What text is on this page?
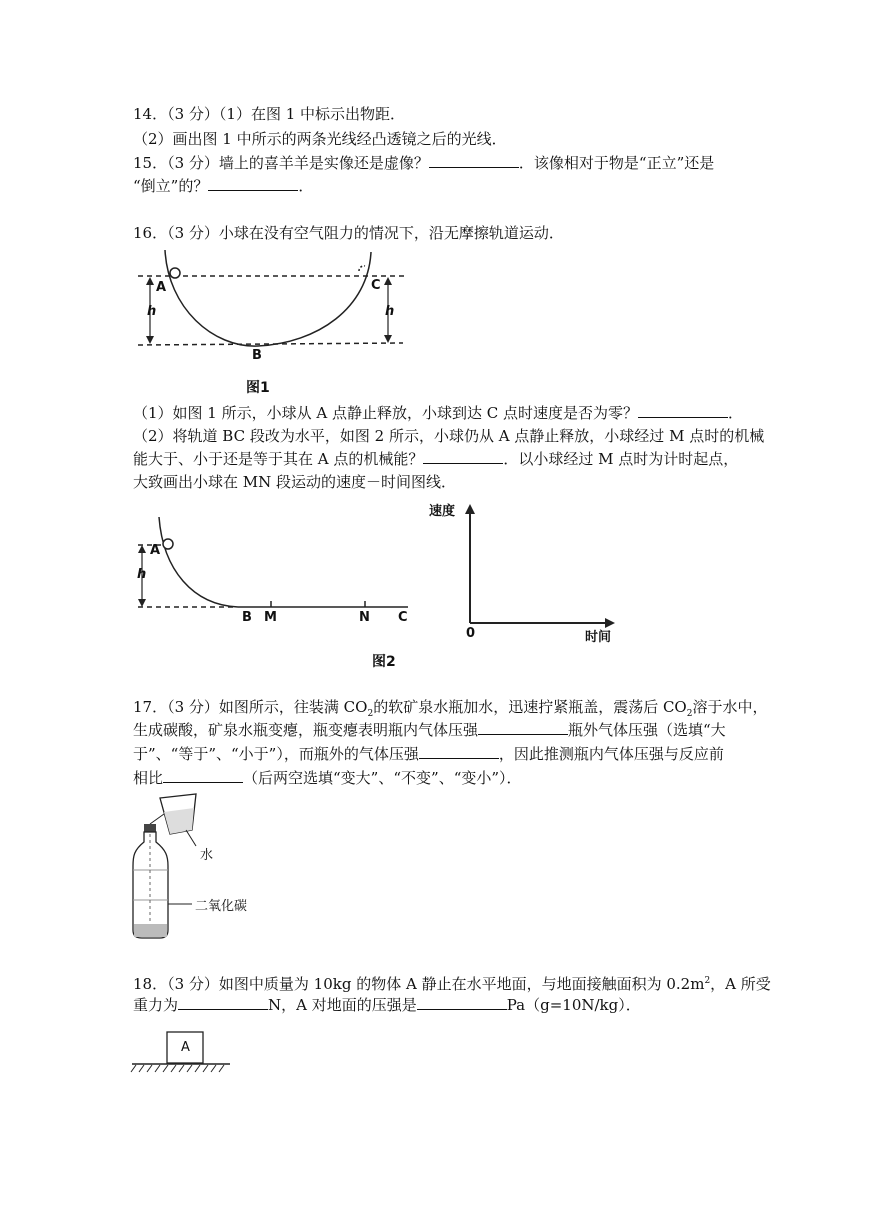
14．（3 分）（1）在图 1 中标示出物距．
（2）画出图 1 中所示的两条光线经凸透镜之后的光线．
15．（3 分）墙上的喜羊羊是实像还是虚像？	．该像相对于物是“正立”还是
“倒立”的？	．
16．（3 分）小球在没有空气阻力的情况下，沿无摩擦轨道运动．
A	C
h	h
B
图1
（1）如图 1 所示，小球从 A 点静止释放，小球到达 C 点时速度是否为零？	．
（2）将轨道 BC 段改为水平，如图 2 所示，小球仍从 A 点静止释放，小球经过 M 点时的机械
能大于、小于还是等于其在 A 点的机械能？	．以小球经过 M 点时为计时起点，
大致画出小球在 MN 段运动的速度－时间图线．
A
h
B M	N C
图2
速度
时间
0
17．（3 分）如图所示，往装满 $CO_2$的软矿泉水瓶加水，迅速拧紧瓶盖，震荡后 $CO_2$溶于水中，
生成碳酸，矿泉水瓶变瘪，瓶变瘪表明瓶内气体压强	瓶外气体压强（选填“大
于”、“等于”、“小于”），而瓶外的气体压强	，因此推测瓶内气体压强与反应前
相比	（后两空选填“变大”、“不变”、“变小”）．
水
二氧化碳
18．（3 分）如图中质量为 10kg 的物体 A 静止在水平地面，与地面接触面积为 $0.2m^2$，A 所受
重力为	N，A 对地面的压强是	Pa（g=10N/kg）．
A
